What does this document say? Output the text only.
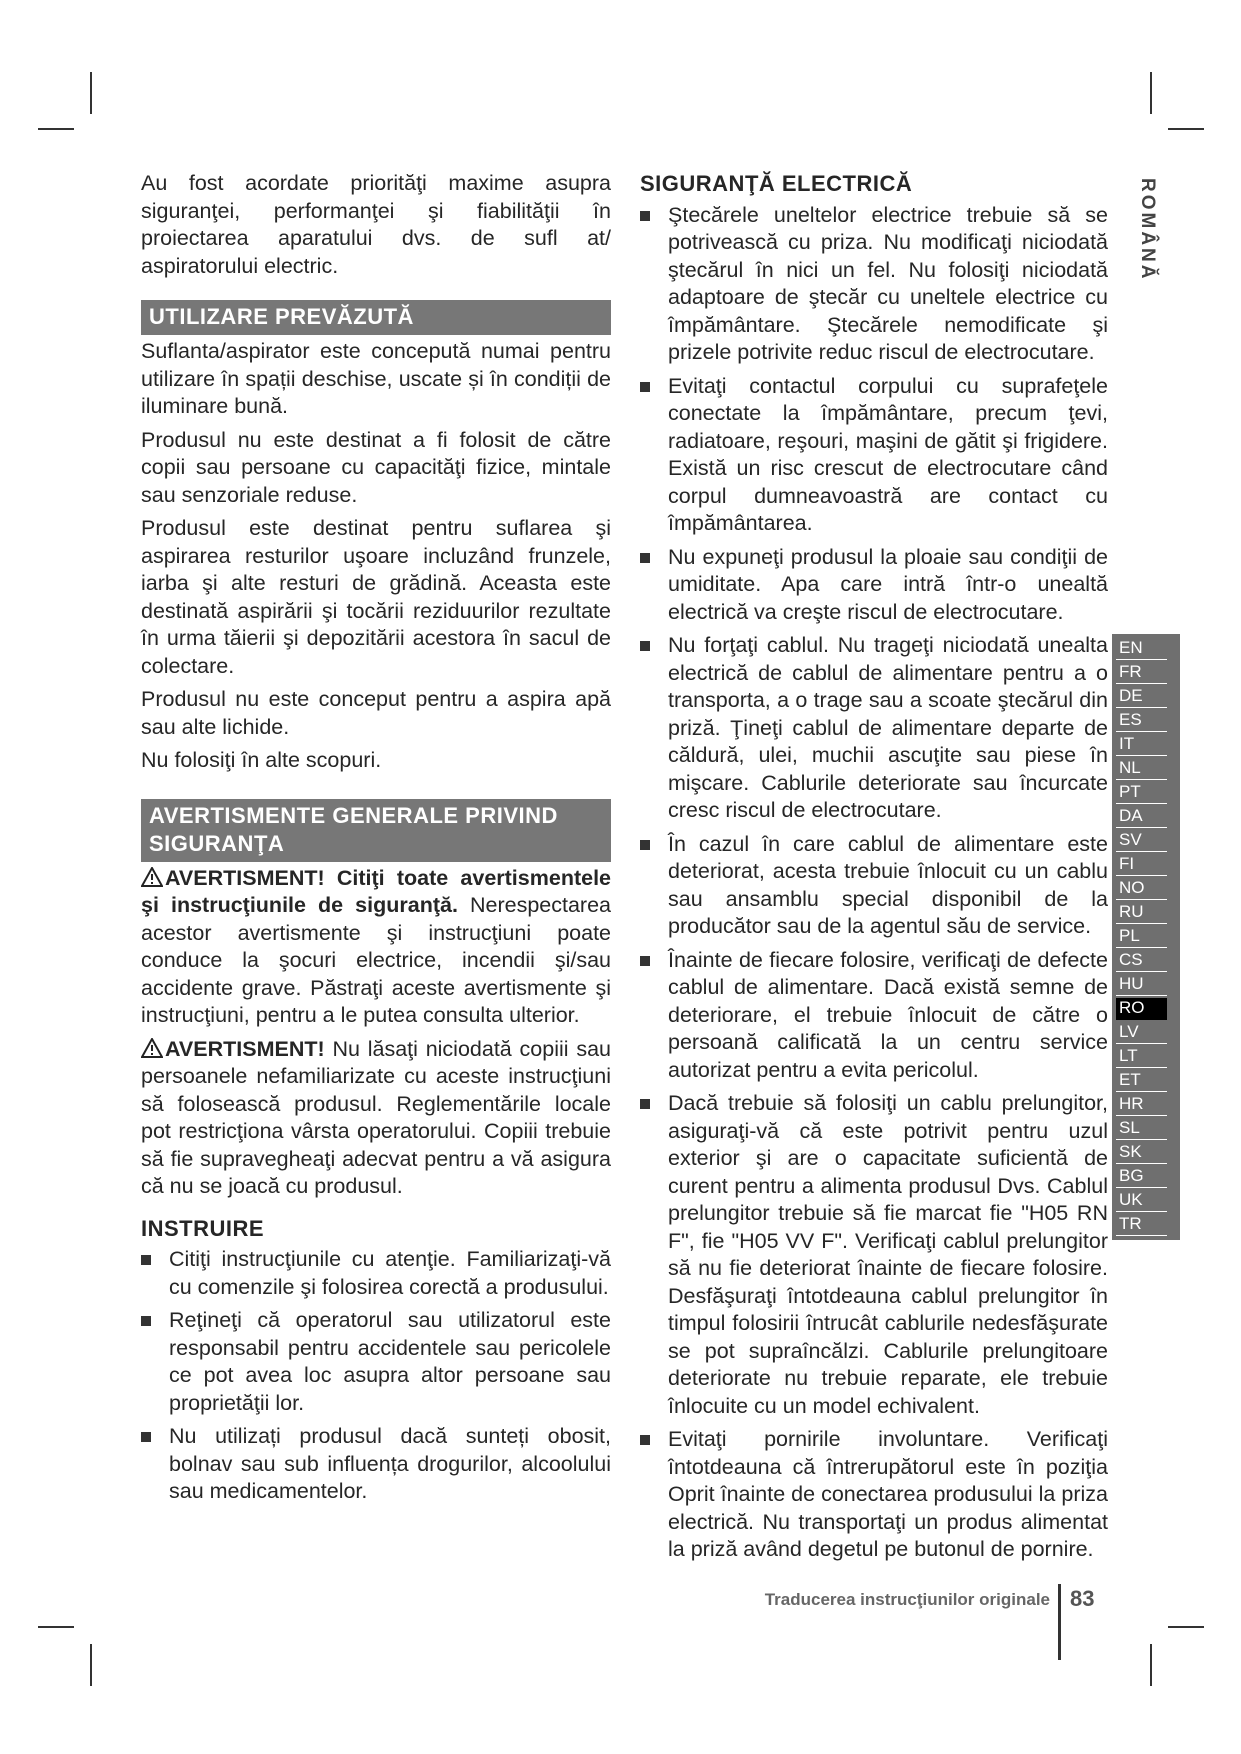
Au fost acordate priorităţi maxime asupra siguranţei, performanţei şi fiabilităţii în proiectarea aparatului dvs. de sufl at/ aspiratorului electric.

UTILIZARE PREVĂZUTĂ

Suflanta/aspirator este concepută numai pentru utilizare în spații deschise, uscate și în condiții de iluminare bună.

Produsul nu este destinat a fi folosit de către copii sau persoane cu capacităţi fizice, mintale sau senzoriale reduse.

Produsul este destinat pentru suflarea şi aspirarea resturilor uşoare incluzând frunzele, iarba şi alte resturi de grădină. Aceasta este destinată aspirării şi tocării reziduurilor rezultate în urma tăierii şi depozitării acestora în sacul de colectare.

Produsul nu este conceput pentru a aspira apă sau alte lichide.

Nu folosiţi în alte scopuri.

AVERTISMENTE GENERALE PRIVIND SIGURANŢA

AVERTISMENT! Citiţi toate avertismentele şi instrucţiunile de siguranţă. Nerespectarea acestor avertismente şi instrucţiuni poate conduce la şocuri electrice, incendii şi/sau accidente grave. Păstraţi aceste avertismente şi instrucţiuni, pentru a le putea consulta ulterior.

AVERTISMENT! Nu lăsaţi niciodată copiii sau persoanele nefamiliarizate cu aceste instrucţiuni să folosească produsul. Reglementările locale pot restricţiona vârsta operatorului. Copiii trebuie să fie supravegheaţi adecvat pentru a vă asigura că nu se joacă cu produsul.

INSTRUIRE

Citiţi instrucţiunile cu atenţie. Familiarizaţi-vă cu comenzile şi folosirea corectă a produsului.

Reţineţi că operatorul sau utilizatorul este responsabil pentru accidentele sau pericolele ce pot avea loc asupra altor persoane sau proprietăţii lor.

Nu utilizați produsul dacă sunteți obosit, bolnav sau sub influența drogurilor, alcoolului sau medicamentelor.

SIGURANŢĂ ELECTRICĂ

Ştecărele uneltelor electrice trebuie să se potrivească cu priza. Nu modificaţi niciodată ştecărul în nici un fel. Nu folosiţi niciodată adaptoare de ştecăr cu uneltele electrice cu împământare. Ştecărele nemodificate şi prizele potrivite reduc riscul de electrocutare.

Evitaţi contactul corpului cu suprafeţele conectate la împământare, precum ţevi, radiatoare, reşouri, maşini de gătit şi frigidere. Există un risc crescut de electrocutare când corpul dumneavoastră are contact cu împământarea.

Nu expuneţi produsul la ploaie sau condiţii de umiditate. Apa care intră într-o unealtă electrică va creşte riscul de electrocutare.

Nu forţaţi cablul. Nu trageţi niciodată unealta electrică de cablul de alimentare pentru a o transporta, a o trage sau a scoate ştecărul din priză. Ţineţi cablul de alimentare departe de căldură, ulei, muchii ascuţite sau piese în mişcare. Cablurile deteriorate sau încurcate cresc riscul de electrocutare.

În cazul în care cablul de alimentare este deteriorat, acesta trebuie înlocuit cu un cablu sau ansamblu special disponibil de la producător sau de la agentul său de service.

Înainte de fiecare folosire, verificaţi de defecte cablul de alimentare. Dacă există semne de deteriorare, el trebuie înlocuit de către o persoană calificată la un centru service autorizat pentru a evita pericolul.

Dacă trebuie să folosiţi un cablu prelungitor, asiguraţi-vă că este potrivit pentru uzul exterior şi are o capacitate suficientă de curent pentru a alimenta produsul Dvs. Cablul prelungitor trebuie să fie marcat fie "H05 RN F", fie "H05 VV F". Verificaţi cablul prelungitor să nu fie deteriorat înainte de fiecare folosire. Desfăşuraţi întotdeauna cablul prelungitor în timpul folosirii întrucât cablurile nedesfăşurate se pot supraîncălzi. Cablurile prelungitoare deteriorate nu trebuie reparate, ele trebuie înlocuite cu un model echivalent.

Evitaţi pornirile involuntare. Verificaţi întotdeauna că întrerupătorul este în poziţia Oprit înainte de conectarea produsului la priza electrică. Nu transportaţi un produs alimentat la priză având degetul pe butonul de pornire.

ROMÂNĂ
EN
FR
DE
ES
IT
NL
PT
DA
SV
FI
NO
RU
PL
CS
HU
RO
LV
LT
ET
HR
SL
SK
BG
UK
TR
Traducerea instrucţiunilor originale 83
